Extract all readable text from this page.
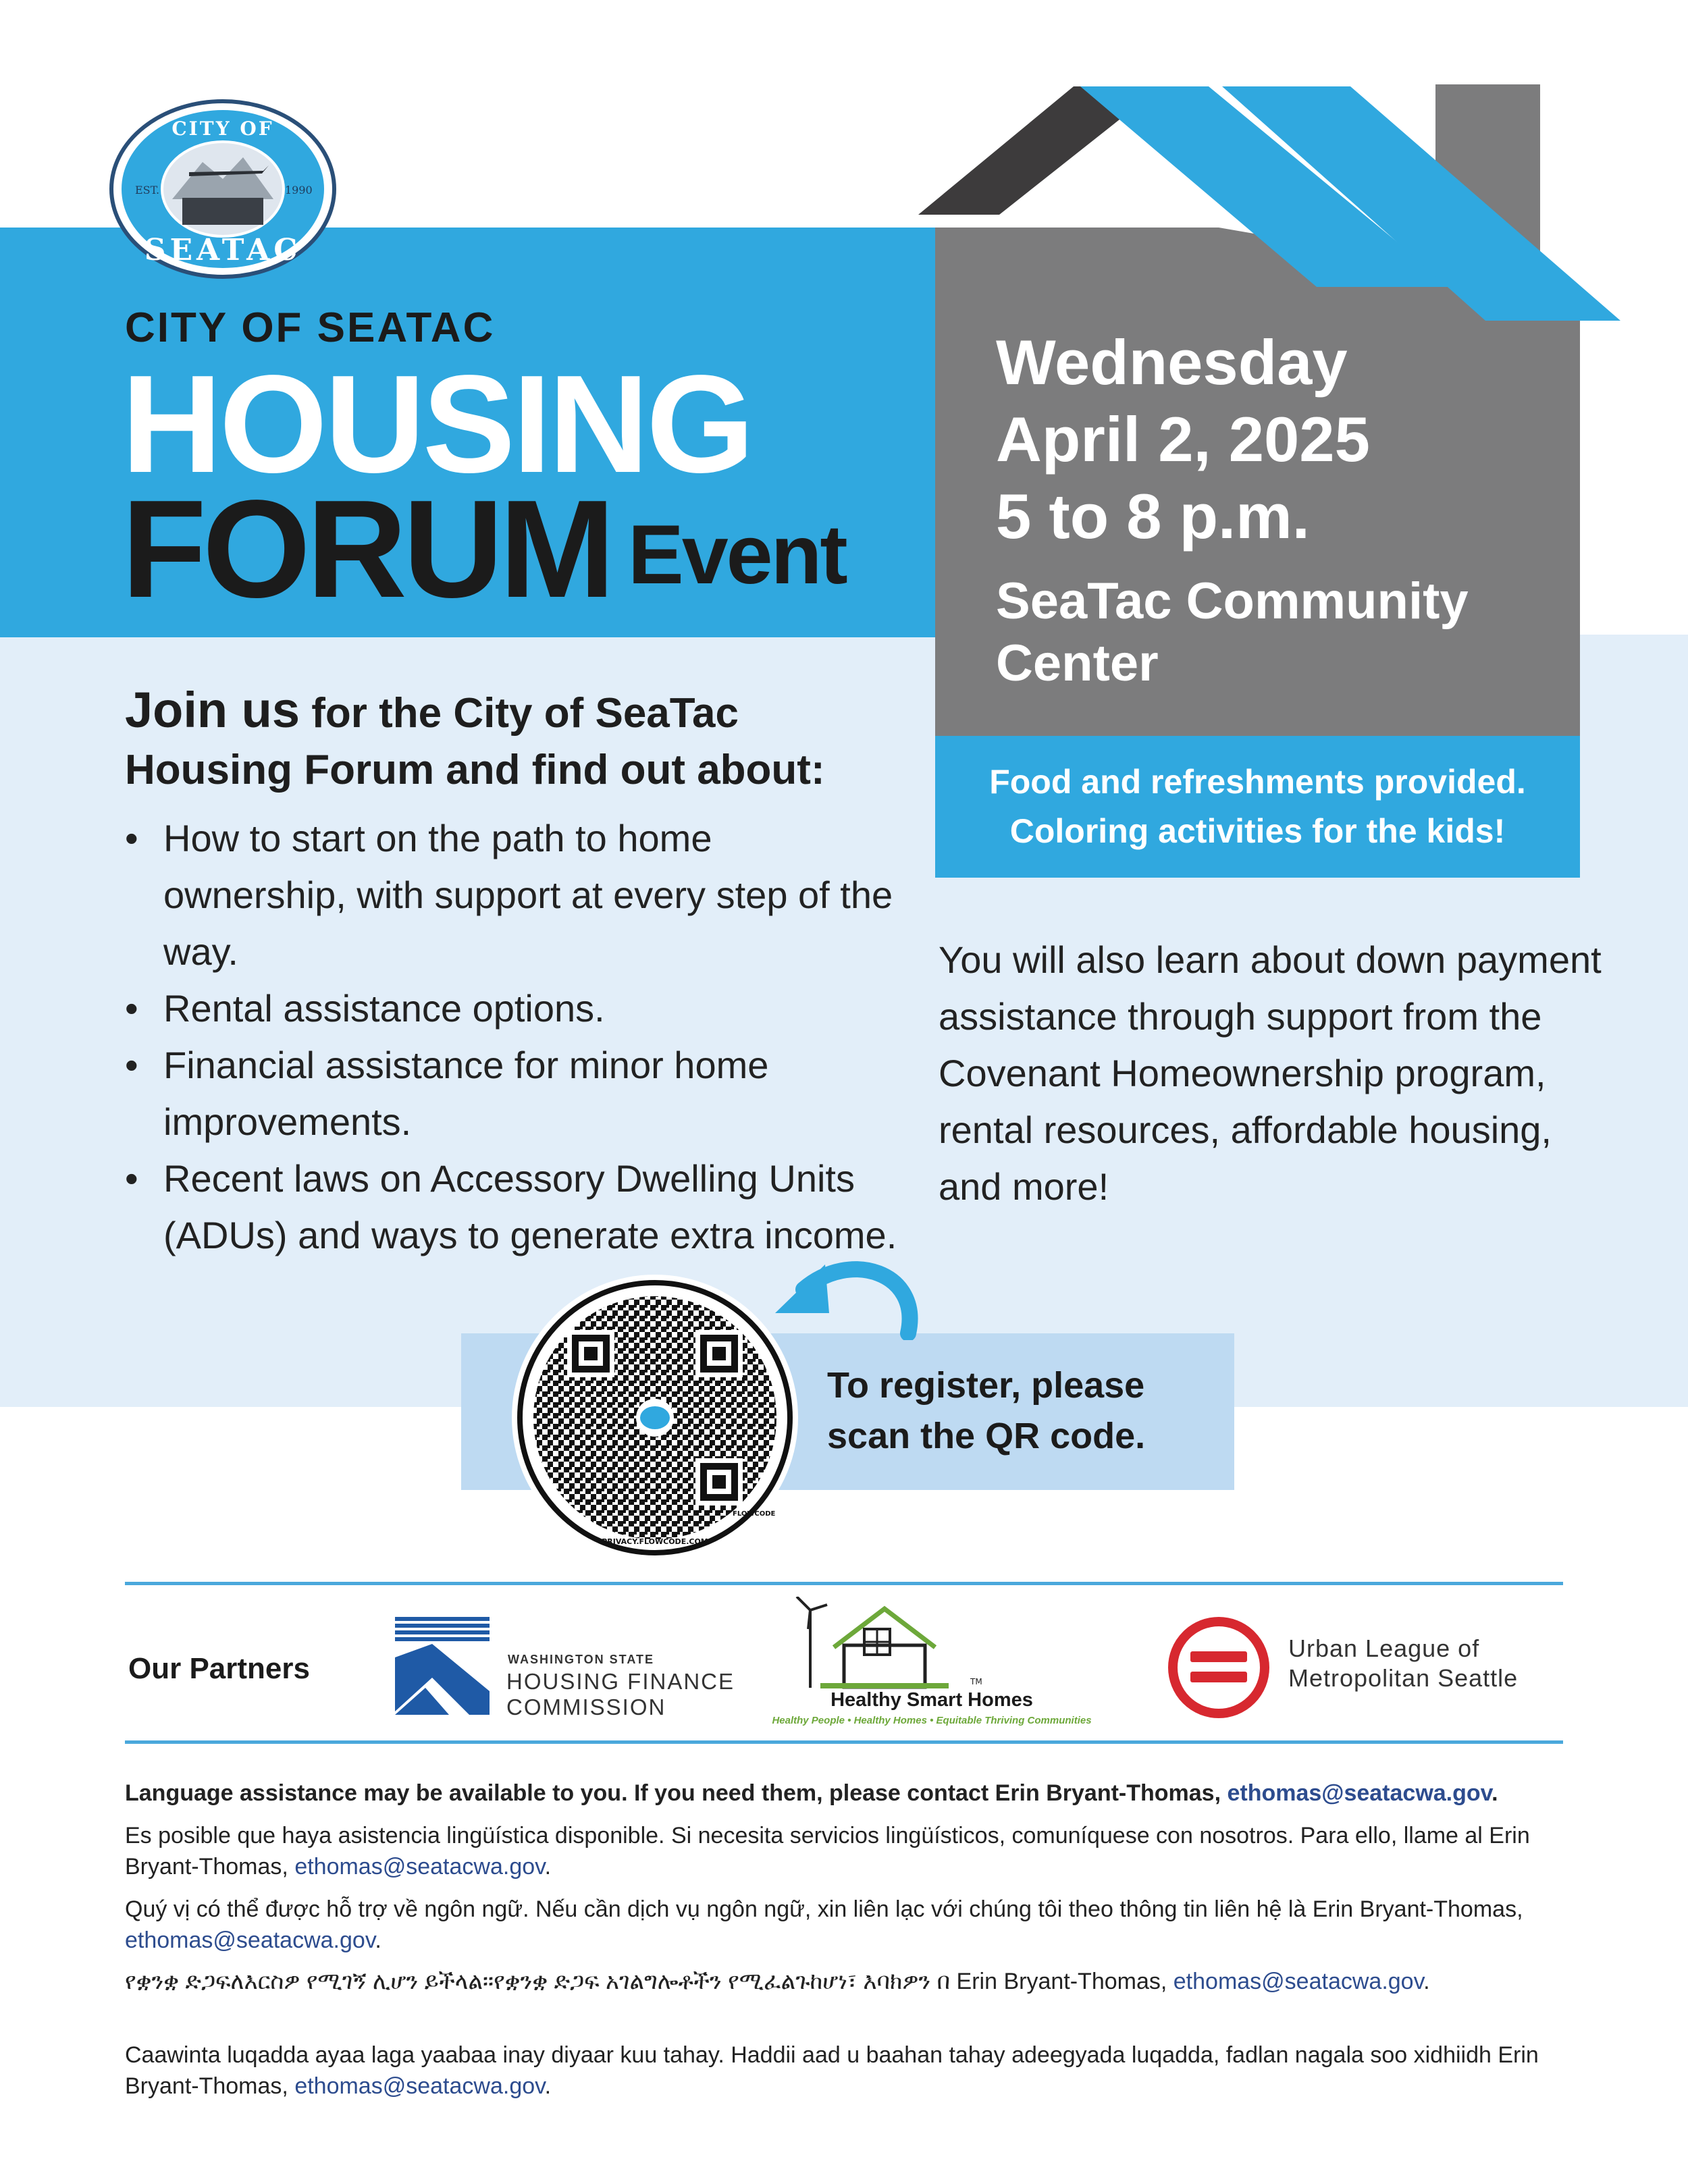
CITY OF
SEATAC
EST.	1990
CITY OF SEATAC
HOUSING
FORUM Event
Wednesday
April 2, 2025
5 to 8 p.m.
SeaTac Community Center
Food and refreshments provided.
Coloring activities for the kids!
Join us for the City of SeaTac Housing Forum and find out about:
• How to start on the path to home ownership, with support at every step of the way.
• Rental assistance options.
• Financial assistance for minor home improvements.
• Recent laws on Accessory Dwelling Units (ADUs) and ways to generate extra income.
You will also learn about down payment assistance through support from the Covenant Homeownership program, rental resources, affordable housing, and more!
To register, please
scan the QR code.
FLOWCODE
PRIVACY.FLOWCODE.COM
Our Partners	WASHINGTON STATE
HOUSING FINANCE
COMMISSION
TM
Healthy Smart Homes
Healthy People • Healthy Homes • Equitable Thriving Communities
Urban League of
Metropolitan Seattle
Language assistance may be available to you. If you need them, please contact Erin Bryant-Thomas, ethomas@seatacwa.gov.
Es posible que haya asistencia lingüística disponible. Si necesita servicios lingüísticos, comuníquese con nosotros. Para ello, llame al Erin Bryant-Thomas, ethomas@seatacwa.gov.
Quý vị có thể được hỗ trợ về ngôn ngữ. Nếu cần dịch vụ ngôn ngữ, xin liên lạc với chúng tôi theo thông tin liên hệ là Erin Bryant-Thomas, ethomas@seatacwa.gov.
የቋንቋ ድጋፍለእርስዎ የሚገኝ ሊሆን ይችላል፡፡የቋንቋ ድጋፍ አገልግሎቶችን የሚፈልጉከሆነ፣ እባክዎን በ Erin Bryant-Thomas, ethomas@seatacwa.gov.
Caawinta luqadda ayaa laga yaabaa inay diyaar kuu tahay. Haddii aad u baahan tahay adeegyada luqadda, fadlan nagala soo xidhiidh Erin Bryant-Thomas, ethomas@seatacwa.gov.
